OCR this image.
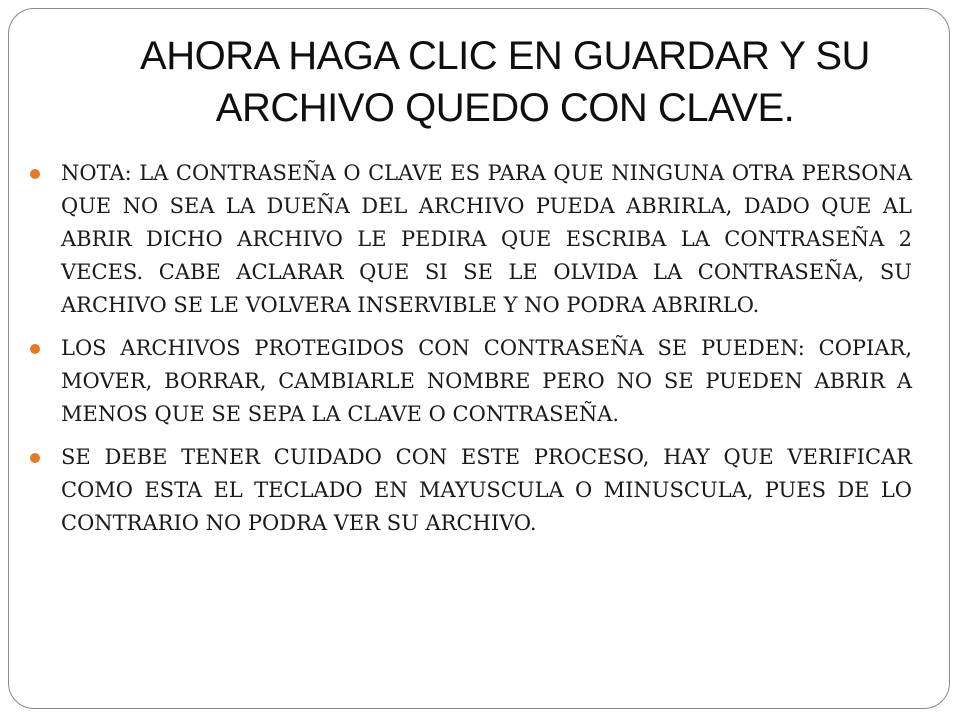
AHORA HAGA CLIC EN GUARDAR Y SU ARCHIVO QUEDO CON CLAVE.
NOTA: LA CONTRASEÑA O CLAVE ES PARA QUE NINGUNA OTRA PERSONA QUE NO SEA LA DUEÑA DEL ARCHIVO PUEDA ABRIRLA, DADO QUE AL ABRIR DICHO ARCHIVO LE PEDIRA QUE ESCRIBA LA CONTRASEÑA 2 VECES. CABE ACLARAR QUE SI SE LE OLVIDA LA CONTRASEÑA, SU ARCHIVO SE LE VOLVERA INSERVIBLE Y NO PODRA ABRIRLO.
LOS ARCHIVOS PROTEGIDOS CON CONTRASEÑA SE PUEDEN: COPIAR, MOVER, BORRAR, CAMBIARLE NOMBRE PERO NO SE PUEDEN ABRIR A MENOS QUE SE SEPA LA CLAVE O CONTRASEÑA.
SE DEBE TENER CUIDADO CON ESTE PROCESO, HAY QUE VERIFICAR COMO ESTA EL TECLADO EN MAYUSCULA O MINUSCULA, PUES DE LO CONTRARIO NO PODRA VER SU ARCHIVO.
